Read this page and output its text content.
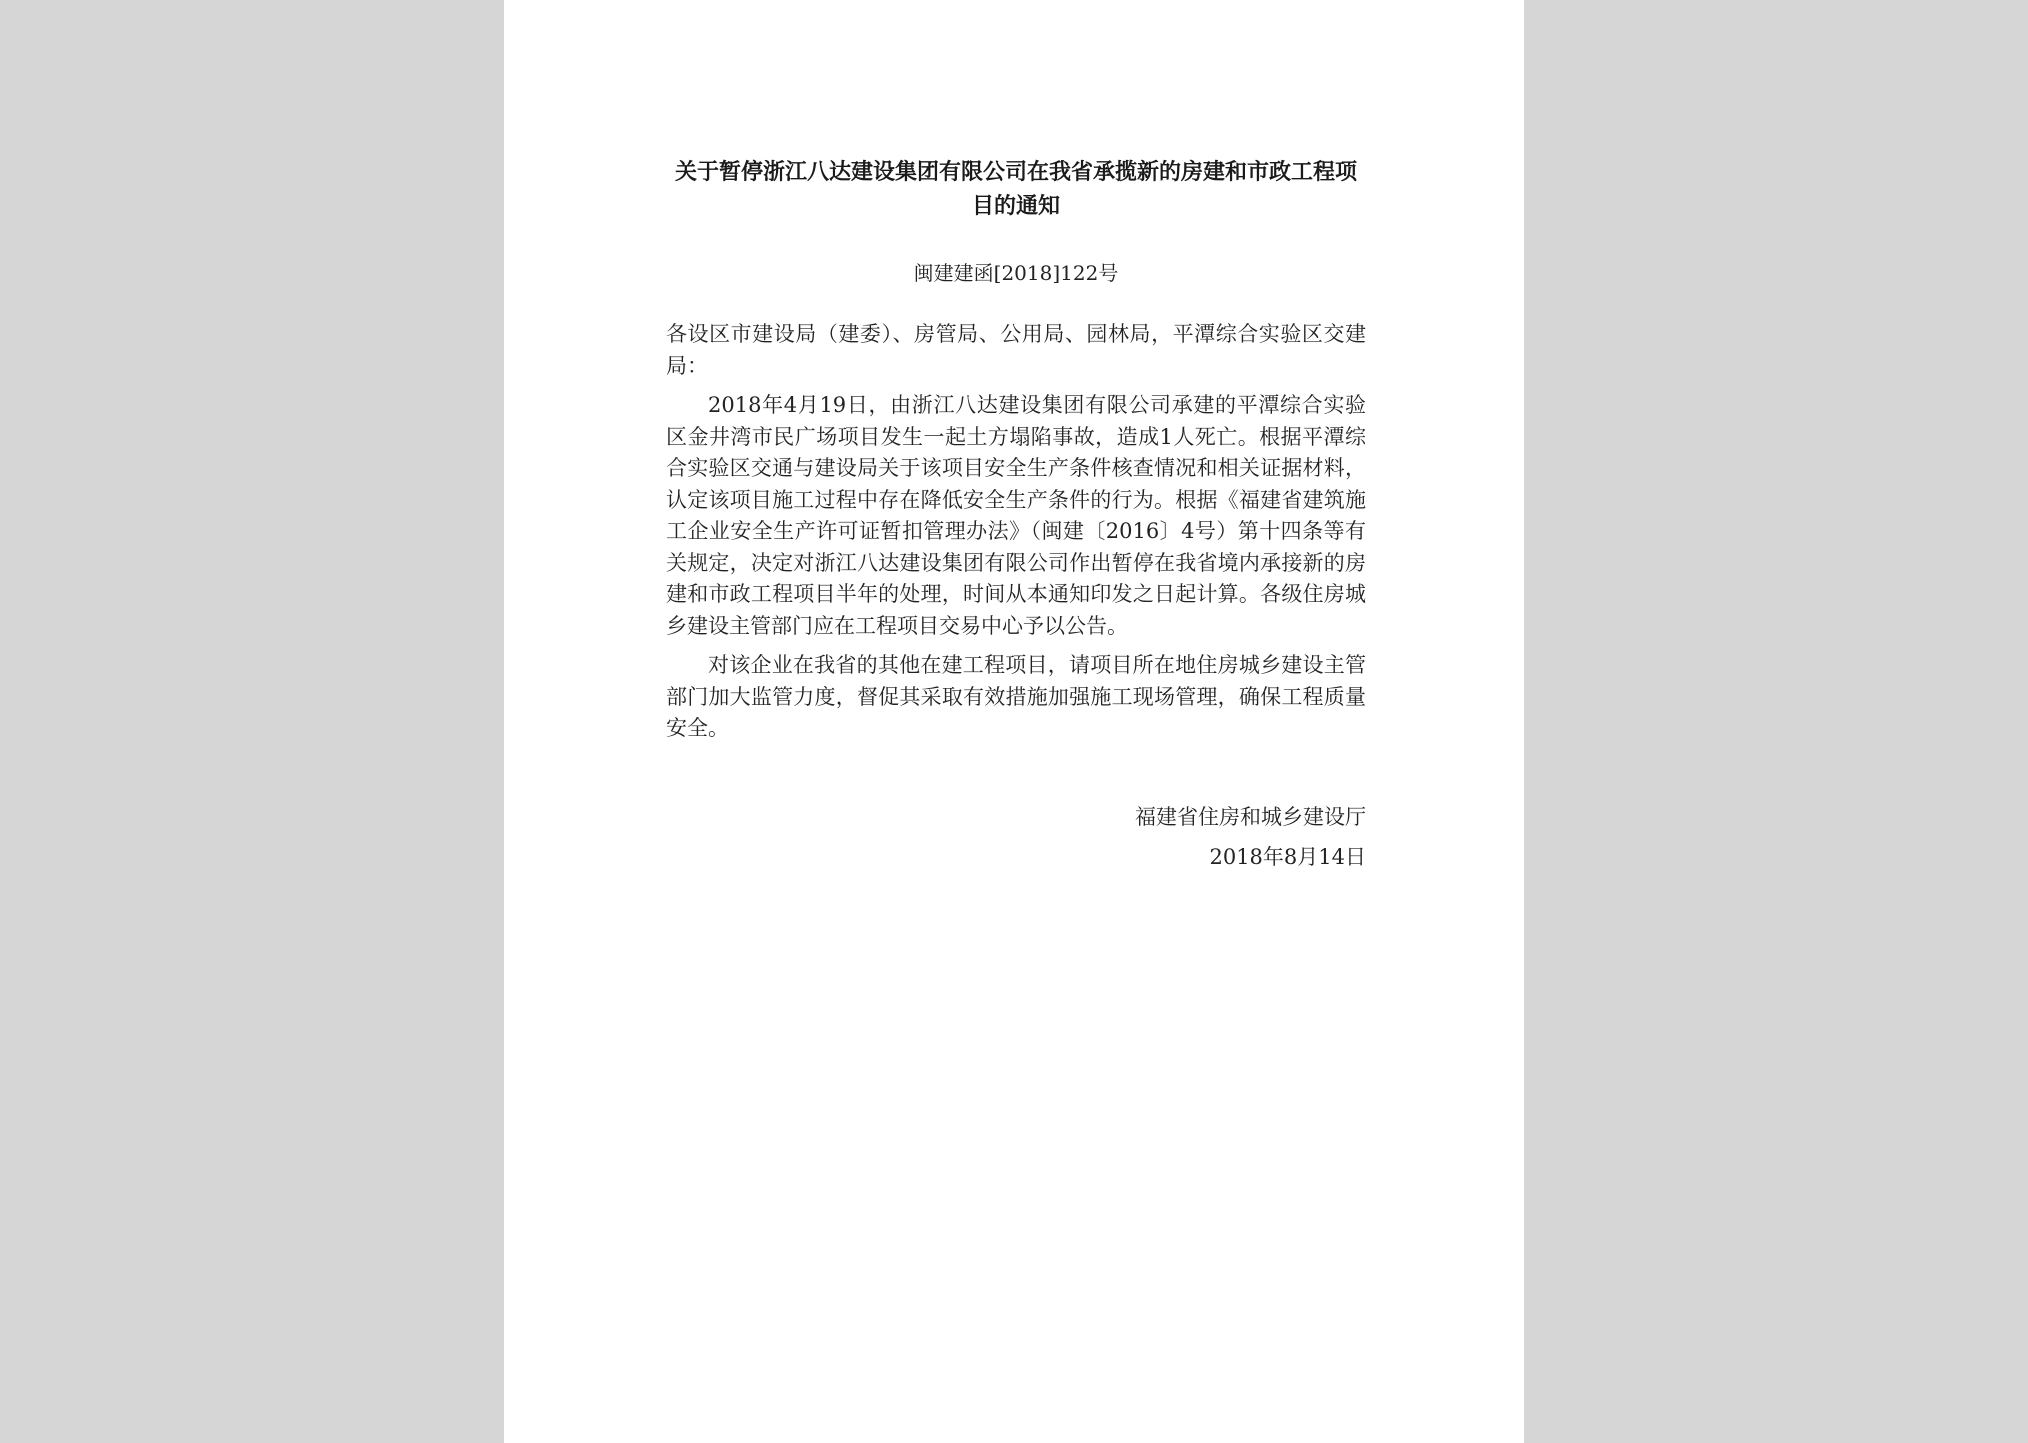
关于暂停浙江八达建设集团有限公司在我省承揽新的房建和市政工程项目的通知

闽建建函[2018]122号

各设区市建设局（建委）、房管局、公用局、园林局，平潭综合实验区交建局：

2018年4月19日，由浙江八达建设集团有限公司承建的平潭综合实验区金井湾市民广场项目发生一起土方塌陷事故，造成1人死亡。根据平潭综合实验区交通与建设局关于该项目安全生产条件核查情况和相关证据材料，认定该项目施工过程中存在降低安全生产条件的行为。根据《福建省建筑施工企业安全生产许可证暂扣管理办法》（闽建〔2016〕4号）第十四条等有关规定，决定对浙江八达建设集团有限公司作出暂停在我省境内承接新的房建和市政工程项目半年的处理，时间从本通知印发之日起计算。各级住房城乡建设主管部门应在工程项目交易中心予以公告。

对该企业在我省的其他在建工程项目，请项目所在地住房城乡建设主管部门加大监管力度，督促其采取有效措施加强施工现场管理，确保工程质量安全。

福建省住房和城乡建设厅
2018年8月14日
